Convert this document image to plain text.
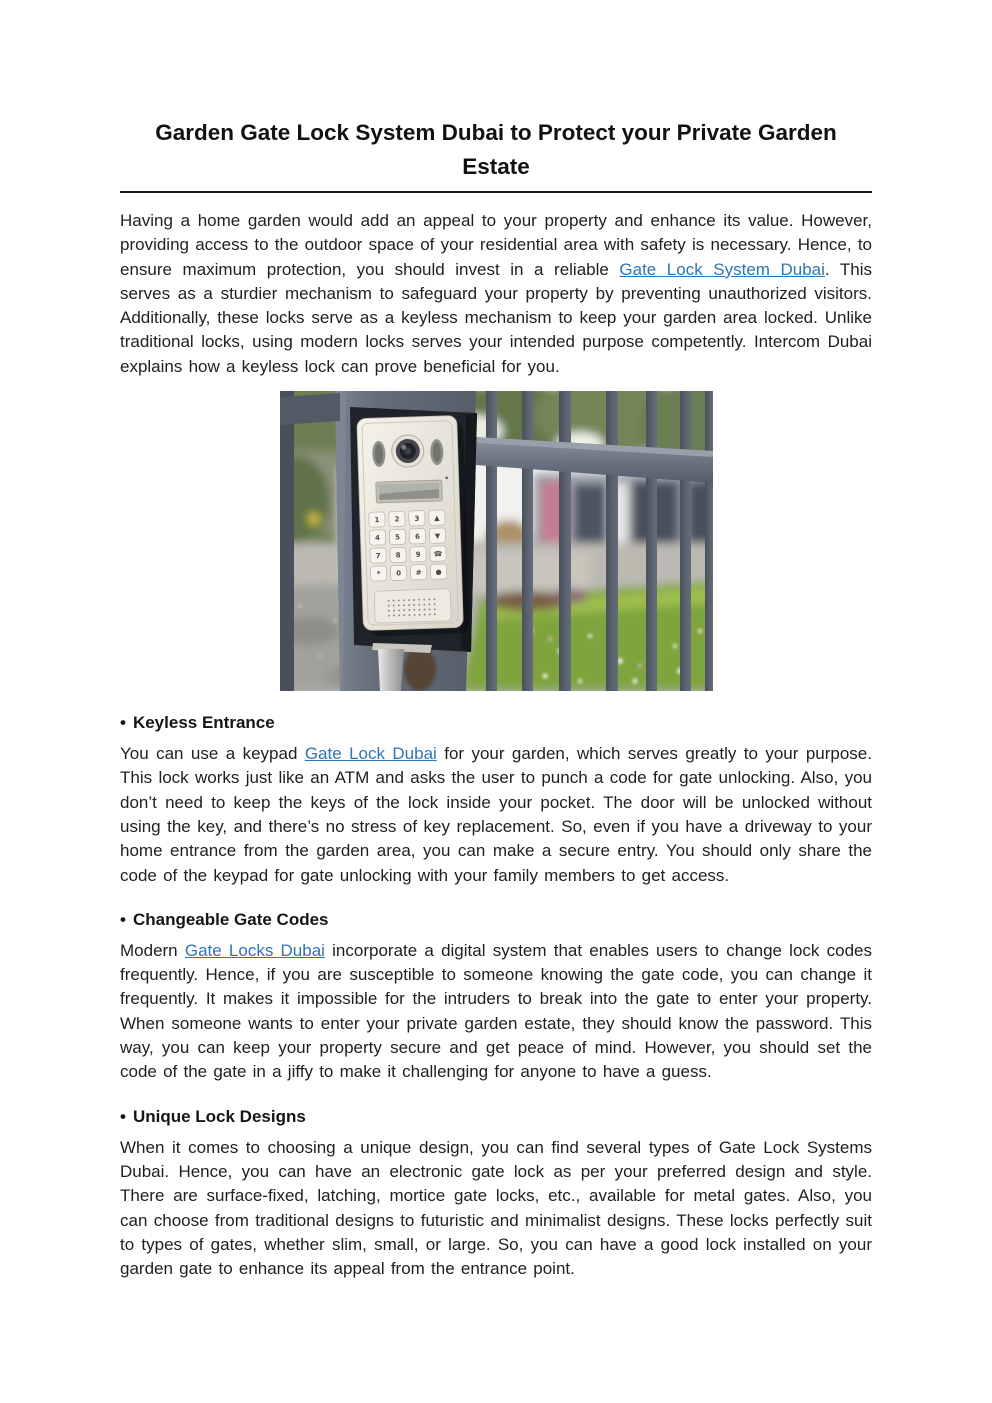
Garden Gate Lock System Dubai to Protect your Private Garden Estate

Having a home garden would add an appeal to your property and enhance its value. However, providing access to the outdoor space of your residential area with safety is necessary. Hence, to ensure maximum protection, you should invest in a reliable Gate Lock System Dubai. This serves as a sturdier mechanism to safeguard your property by preventing unauthorized visitors. Additionally, these locks serve as a keyless mechanism to keep your garden area locked. Unlike traditional locks, using modern locks serves your intended purpose competently. Intercom Dubai explains how a keyless lock can prove beneficial for you.

1 2 3 ▲
4 5 6 ▼
7 8 9 ☎
* 0 # ●
• Keyless Entrance

You can use a keypad Gate Lock Dubai for your garden, which serves greatly to your purpose. This lock works just like an ATM and asks the user to punch a code for gate unlocking. Also, you don’t need to keep the keys of the lock inside your pocket. The door will be unlocked without using the key, and there’s no stress of key replacement. So, even if you have a driveway to your home entrance from the garden area, you can make a secure entry. You should only share the code of the keypad for gate unlocking with your family members to get access.

• Changeable Gate Codes

Modern Gate Locks Dubai incorporate a digital system that enables users to change lock codes frequently. Hence, if you are susceptible to someone knowing the gate code, you can change it frequently. It makes it impossible for the intruders to break into the gate to enter your property. When someone wants to enter your private garden estate, they should know the password. This way, you can keep your property secure and get peace of mind. However, you should set the code of the gate in a jiffy to make it challenging for anyone to have a guess.

• Unique Lock Designs

When it comes to choosing a unique design, you can find several types of Gate Lock Systems Dubai. Hence, you can have an electronic gate lock as per your preferred design and style. There are surface-fixed, latching, mortice gate locks, etc., available for metal gates. Also, you can choose from traditional designs to futuristic and minimalist designs. These locks perfectly suit to types of gates, whether slim, small, or large. So, you can have a good lock installed on your garden gate to enhance its appeal from the entrance point.
